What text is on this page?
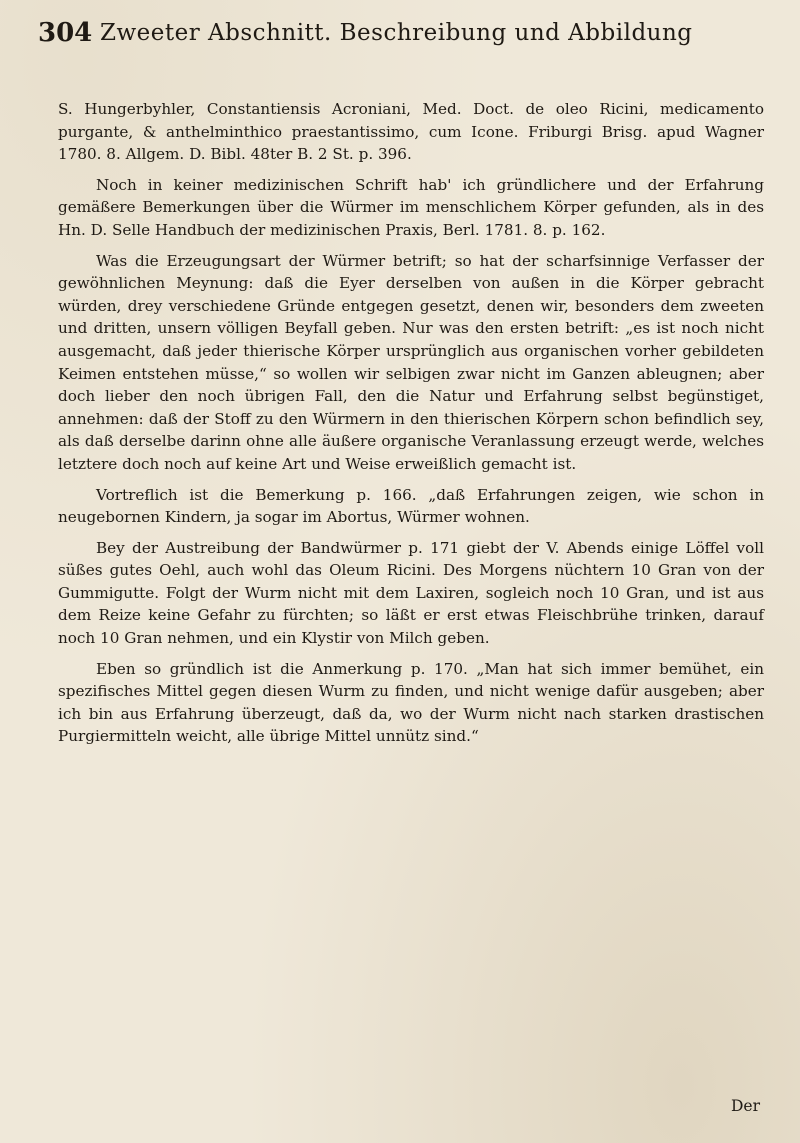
304 Zweeter Abschnitt. Beschreibung und Abbildung

S. Hungerbyhler, Constantiensis Acroniani, Med. Doct. de oleo Ricini, medicamento purgante, & anthelminthico praestantissimo, cum Icone. Friburgi Brisg. apud Wagner 1780. 8. Allgem. D. Bibl. 48ter B. 2 St. p. 396.

Noch in keiner medizinischen Schrift hab' ich gründlichere und der Erfahrung gemäßere Bemerkungen über die Würmer im menschlichem Körper gefunden, als in des Hn. D. Selle Handbuch der medizinischen Praxis, Berl. 1781. 8. p. 162.

Was die Erzeugungsart der Würmer betrift; so hat der scharfsinnige Verfasser der gewöhnlichen Meynung: daß die Eyer derselben von außen in die Körper gebracht würden, drey verschiedene Gründe entgegen gesetzt, denen wir, besonders dem zweeten und dritten, unsern völligen Beyfall geben. Nur was den ersten betrift: „es ist noch nicht ausgemacht, daß jeder thierische Körper ursprünglich aus organischen vorher gebildeten Keimen entstehen müsse,“ so wollen wir selbigen zwar nicht im Ganzen ableugnen; aber doch lieber den noch übrigen Fall, den die Natur und Erfahrung selbst begünstiget, annehmen: daß der Stoff zu den Würmern in den thierischen Körpern schon befindlich sey, als daß derselbe darinn ohne alle äußere organische Veranlassung erzeugt werde, welches letztere doch noch auf keine Art und Weise erweißlich gemacht ist.

Vortreflich ist die Bemerkung p. 166. „daß Erfahrungen zeigen, wie schon in neugebornen Kindern, ja sogar im Abortus, Würmer wohnen.

Bey der Austreibung der Bandwürmer p. 171 giebt der V. Abends einige Löffel voll süßes gutes Oehl, auch wohl das Oleum Ricini. Des Morgens nüchtern 10 Gran von der Gummigutte. Folgt der Wurm nicht mit dem Laxiren, sogleich noch 10 Gran, und ist aus dem Reize keine Gefahr zu fürchten; so läßt er erst etwas Fleischbrühe trinken, darauf noch 10 Gran nehmen, und ein Klystir von Milch geben.

Eben so gründlich ist die Anmerkung p. 170. „Man hat sich immer bemühet, ein spezifisches Mittel gegen diesen Wurm zu finden, und nicht wenige dafür ausgeben; aber ich bin aus Erfahrung überzeugt, daß da, wo der Wurm nicht nach starken drastischen Purgiermitteln weicht, alle übrige Mittel unnütz sind.“

Der
